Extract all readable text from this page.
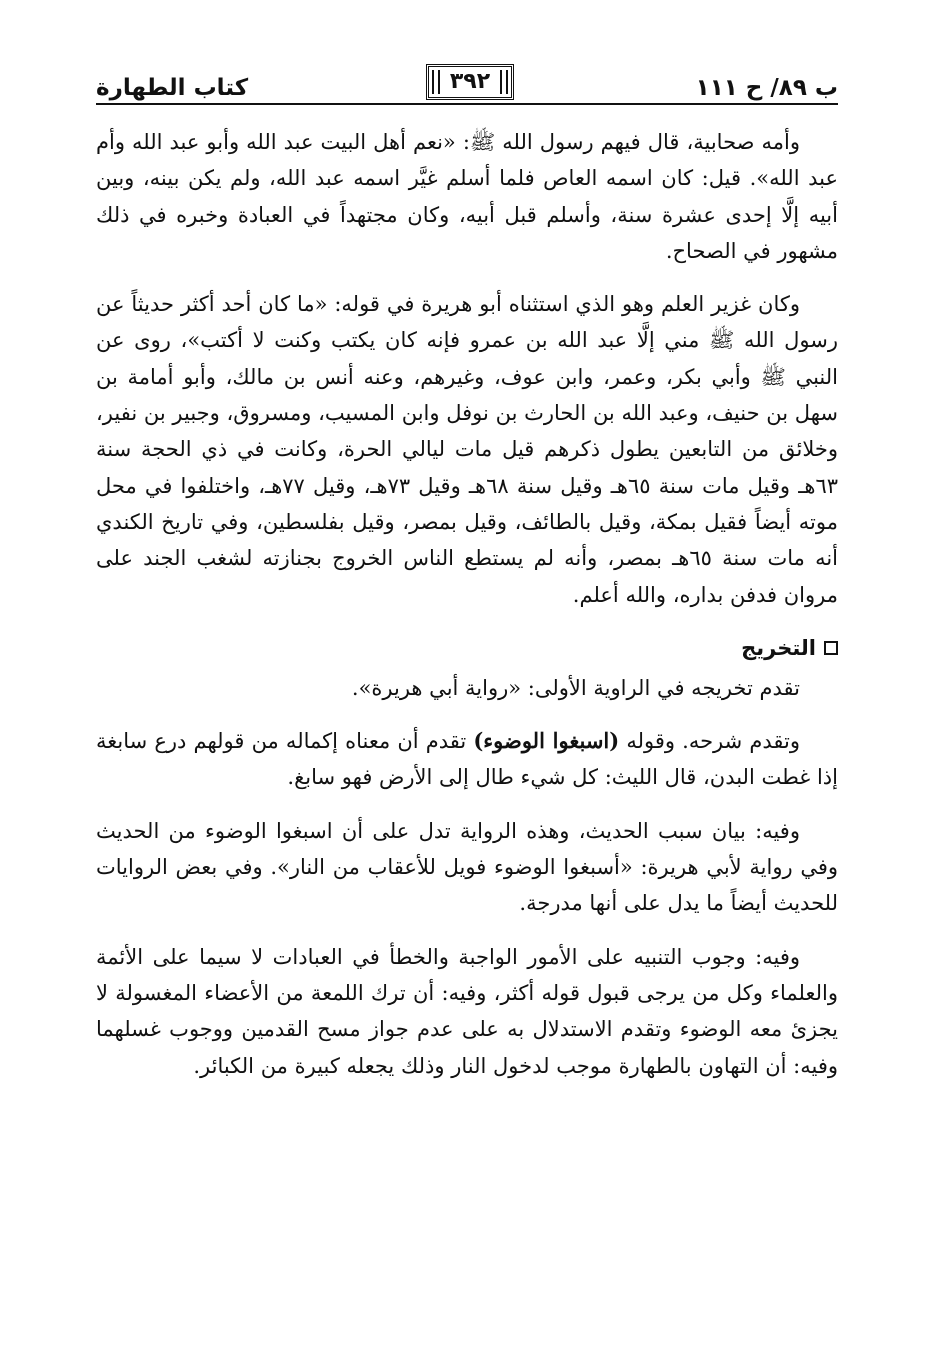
ب ٨٩/ ح ١١١
٣٩٢
كتاب الطهارة

وأمه صحابية، قال فيهم رسول الله ﷺ: «نعم أهل البيت عبد الله وأبو عبد الله وأم عبد الله». قيل: كان اسمه العاص فلما أسلم غيَّر اسمه عبد الله، ولم يكن بينه، وبين أبيه إلَّا إحدى عشرة سنة، وأسلم قبل أبيه، وكان مجتهداً في العبادة وخبره في ذلك مشهور في الصحاح.

وكان غزير العلم وهو الذي استثناه أبو هريرة في قوله: «ما كان أحد أكثر حديثاً عن رسول الله ﷺ مني إلَّا عبد الله بن عمرو فإنه كان يكتب وكنت لا أكتب»، روى عن النبي ﷺ وأبي بكر، وعمر، وابن عوف، وغيرهم، وعنه أنس بن مالك، وأبو أمامة بن سهل بن حنيف، وعبد الله بن الحارث بن نوفل وابن المسيب، ومسروق، وجبير بن نفير، وخلائق من التابعين يطول ذكرهم قيل مات ليالي الحرة، وكانت في ذي الحجة سنة ٦٣هـ وقيل مات سنة ٦٥هـ وقيل سنة ٦٨هـ وقيل ٧٣هـ، وقيل ٧٧هـ، واختلفوا في محل موته أيضاً فقيل بمكة، وقيل بالطائف، وقيل بمصر، وقيل بفلسطين، وفي تاريخ الكندي أنه مات سنة ٦٥هـ بمصر، وأنه لم يستطع الناس الخروج بجنازته لشغب الجند على مروان فدفن بداره، والله أعلم.

التخريج

تقدم تخريجه في الراوية الأولى: «رواية أبي هريرة».

وتقدم شرحه. وقوله (اسبغوا الوضوء) تقدم أن معناه إكماله من قولهم درع سابغة إذا غطت البدن، قال الليث: كل شيء طال إلى الأرض فهو سابغ.

وفيه: بيان سبب الحديث، وهذه الرواية تدل على أن اسبغوا الوضوء من الحديث وفي رواية لأبي هريرة: «أسبغوا الوضوء فويل للأعقاب من النار». وفي بعض الروايات للحديث أيضاً ما يدل على أنها مدرجة.

وفيه: وجوب التنبيه على الأمور الواجبة والخطأ في العبادات لا سيما على الأئمة والعلماء وكل من يرجى قبول قوله أكثر، وفيه: أن ترك اللمعة من الأعضاء المغسولة لا يجزئ معه الوضوء وتقدم الاستدلال به على عدم جواز مسح القدمين ووجوب غسلهما وفيه: أن التهاون بالطهارة موجب لدخول النار وذلك يجعله كبيرة من الكبائر.
